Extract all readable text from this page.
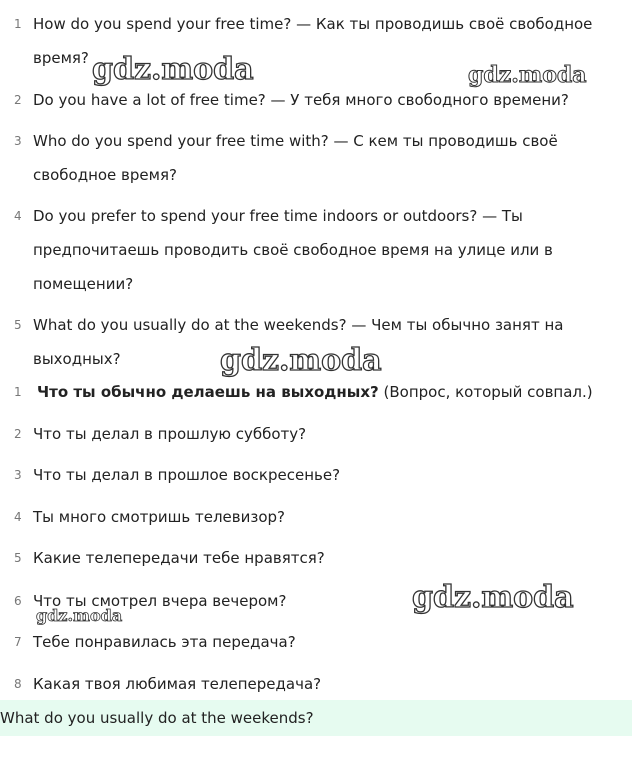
1 How do you spend your free time? — Как ты проводишь своё свободное
время?
2 Do you have a lot of free time? — У тебя много свободного времени?
3 Who do you spend your free time with? — С кем ты проводишь своё
свободное время?
4 Do you prefer to spend your free time indoors or outdoors? — Ты
предпочитаешь проводить своё свободное время на улице или в
помещении?
5 What do you usually do at the weekends? — Чем ты обычно занят на
выходных?
1 Что ты обычно делаешь на выходных? (Вопрос, который совпал.)
2 Что ты делал в прошлую субботу?
3 Что ты делал в прошлое воскресенье?
4 Ты много смотришь телевизор?
5 Какие телепередачи тебе нравятся?
6 Что ты смотрел вчера вечером?
7 Тебе понравилась эта передача?
8 Какая твоя любимая телепередача?
What do you usually do at the weekends?
gdz.moda	gdz.moda
gdz.moda
gdz.moda
gdz.moda
